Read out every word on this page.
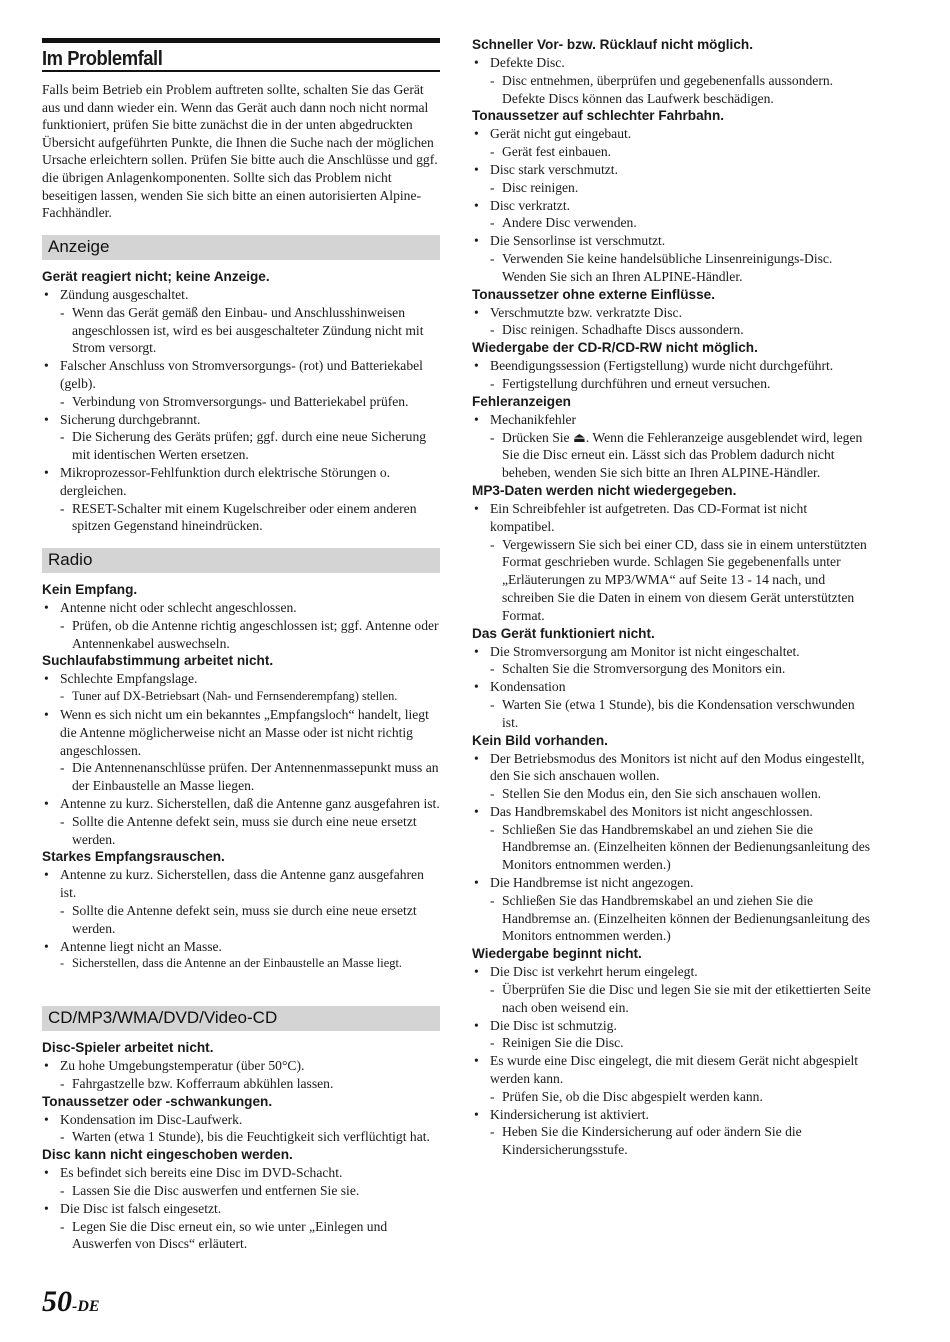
Im Problemfall

Falls beim Betrieb ein Problem auftreten sollte, schalten Sie das Gerät aus und dann wieder ein. Wenn das Gerät auch dann noch nicht normal funktioniert, prüfen Sie bitte zunächst die in der unten abgedruckten Übersicht aufgeführten Punkte, die Ihnen die Suche nach der möglichen Ursache erleichtern sollen. Prüfen Sie bitte auch die Anschlüsse und ggf. die übrigen Anlagenkomponenten. Sollte sich das Problem nicht beseitigen lassen, wenden Sie sich bitte an einen autorisierten Alpine-Fachhändler.

Anzeige

Gerät reagiert nicht; keine Anzeige.

• Zündung ausgeschaltet.

- Wenn das Gerät gemäß den Einbau- und Anschlusshinweisen angeschlossen ist, wird es bei ausgeschalteter Zündung nicht mit Strom versorgt.

• Falscher Anschluss von Stromversorgungs- (rot) und Batteriekabel (gelb).

- Verbindung von Stromversorgungs- und Batteriekabel prüfen.

• Sicherung durchgebrannt.

- Die Sicherung des Geräts prüfen; ggf. durch eine neue Sicherung mit identischen Werten ersetzen.

• Mikroprozessor-Fehlfunktion durch elektrische Störungen o. dergleichen.

- RESET-Schalter mit einem Kugelschreiber oder einem anderen spitzen Gegenstand hineindrücken.

Radio

Kein Empfang.

• Antenne nicht oder schlecht angeschlossen.

- Prüfen, ob die Antenne richtig angeschlossen ist; ggf. Antenne oder Antennenkabel auswechseln.

Suchlaufabstimmung arbeitet nicht.

• Schlechte Empfangslage.

- Tuner auf DX-Betriebsart (Nah- und Fernsenderempfang) stellen.

• Wenn es sich nicht um ein bekanntes „Empfangsloch“ handelt, liegt die Antenne möglicherweise nicht an Masse oder ist nicht richtig angeschlossen.

- Die Antennenanschlüsse prüfen. Der Antennenmassepunkt muss an der Einbaustelle an Masse liegen.

• Antenne zu kurz. Sicherstellen, daß die Antenne ganz ausgefahren ist.

- Sollte die Antenne defekt sein, muss sie durch eine neue ersetzt werden.

Starkes Empfangsrauschen.

• Antenne zu kurz. Sicherstellen, dass die Antenne ganz ausgefahren ist.

- Sollte die Antenne defekt sein, muss sie durch eine neue ersetzt werden.

• Antenne liegt nicht an Masse.

- Sicherstellen, dass die Antenne an der Einbaustelle an Masse liegt.

CD/MP3/WMA/DVD/Video-CD

Disc-Spieler arbeitet nicht.

• Zu hohe Umgebungstemperatur (über 50°C).

- Fahrgastzelle bzw. Kofferraum abkühlen lassen.

Tonaussetzer oder -schwankungen.

• Kondensation im Disc-Laufwerk.

- Warten (etwa 1 Stunde), bis die Feuchtigkeit sich verflüchtigt hat.

Disc kann nicht eingeschoben werden.

• Es befindet sich bereits eine Disc im DVD-Schacht.

- Lassen Sie die Disc auswerfen und entfernen Sie sie.

• Die Disc ist falsch eingesetzt.

- Legen Sie die Disc erneut ein, so wie unter „Einlegen und Auswerfen von Discs“ erläutert.

Schneller Vor- bzw. Rücklauf nicht möglich.

• Defekte Disc.

- Disc entnehmen, überprüfen und gegebenenfalls aussondern. Defekte Discs können das Laufwerk beschädigen.

Tonaussetzer auf schlechter Fahrbahn.

• Gerät nicht gut eingebaut.

- Gerät fest einbauen.

• Disc stark verschmutzt.

- Disc reinigen.

• Disc verkratzt.

- Andere Disc verwenden.

• Die Sensorlinse ist verschmutzt.

- Verwenden Sie keine handelsübliche Linsenreinigungs-Disc. Wenden Sie sich an Ihren ALPINE-Händler.

Tonaussetzer ohne externe Einflüsse.

• Verschmutzte bzw. verkratzte Disc.

- Disc reinigen. Schadhafte Discs aussondern.

Wiedergabe der CD-R/CD-RW nicht möglich.

• Beendigungssession (Fertigstellung) wurde nicht durchgeführt.

- Fertigstellung durchführen und erneut versuchen.

Fehleranzeigen

• Mechanikfehler

- Drücken Sie ⏏. Wenn die Fehleranzeige ausgeblendet wird, legen Sie die Disc erneut ein. Lässt sich das Problem dadurch nicht beheben, wenden Sie sich bitte an Ihren ALPINE-Händler.

MP3-Daten werden nicht wiedergegeben.

• Ein Schreibfehler ist aufgetreten. Das CD-Format ist nicht kompatibel.

- Vergewissern Sie sich bei einer CD, dass sie in einem unterstützten Format geschrieben wurde. Schlagen Sie gegebenenfalls unter „Erläuterungen zu MP3/WMA“ auf Seite 13 - 14 nach, und schreiben Sie die Daten in einem von diesem Gerät unterstützten Format.

Das Gerät funktioniert nicht.

• Die Stromversorgung am Monitor ist nicht eingeschaltet.

- Schalten Sie die Stromversorgung des Monitors ein.

• Kondensation

- Warten Sie (etwa 1 Stunde), bis die Kondensation verschwunden ist.

Kein Bild vorhanden.

• Der Betriebsmodus des Monitors ist nicht auf den Modus eingestellt, den Sie sich anschauen wollen.

- Stellen Sie den Modus ein, den Sie sich anschauen wollen.

• Das Handbremskabel des Monitors ist nicht angeschlossen.

- Schließen Sie das Handbremskabel an und ziehen Sie die Handbremse an. (Einzelheiten können der Bedienungsanleitung des Monitors entnommen werden.)

• Die Handbremse ist nicht angezogen.

- Schließen Sie das Handbremskabel an und ziehen Sie die Handbremse an. (Einzelheiten können der Bedienungsanleitung des Monitors entnommen werden.)

Wiedergabe beginnt nicht.

• Die Disc ist verkehrt herum eingelegt.

- Überprüfen Sie die Disc und legen Sie sie mit der etikettierten Seite nach oben weisend ein.

• Die Disc ist schmutzig.

- Reinigen Sie die Disc.

• Es wurde eine Disc eingelegt, die mit diesem Gerät nicht abgespielt werden kann.

- Prüfen Sie, ob die Disc abgespielt werden kann.

• Kindersicherung ist aktiviert.

- Heben Sie die Kindersicherung auf oder ändern Sie die Kindersicherungsstufe.

50-DE
